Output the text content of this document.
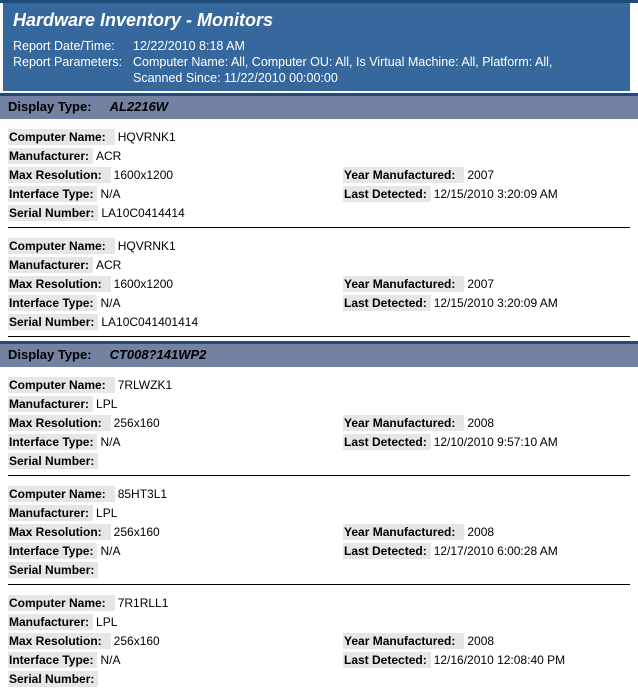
Hardware Inventory - Monitors
Report Date/Time:	12/22/2010 8:18 AM
Report Parameters: Computer Name: All, Computer OU: All, Is Virtual Machine: All, Platform: All,
Scanned Since: 11/22/2010 00:00:00
Display Type: AL2216W
Computer Name: HQVRNK1
Manufacturer: ACR
Max Resolution: 1600x1200	Year Manufactured: 2007
Interface Type: N/A	Last Detected: 12/15/2010 3:20:09 AM
Serial Number: LA10C0414414
Computer Name: HQVRNK1
Manufacturer: ACR
Max Resolution: 1600x1200	Year Manufactured: 2007
Interface Type: N/A	Last Detected: 12/15/2010 3:20:09 AM
Serial Number: LA10C041401414
Display Type: CT008?141WP2
Computer Name: 7RLWZK1
Manufacturer: LPL
Max Resolution: 256x160	Year Manufactured: 2008
Interface Type: N/A	Last Detected: 12/10/2010 9:57:10 AM
Serial Number:
Computer Name: 85HT3L1
Manufacturer: LPL
Max Resolution: 256x160	Year Manufactured: 2008
Interface Type: N/A	Last Detected: 12/17/2010 6:00:28 AM
Serial Number:
Computer Name: 7R1RLL1
Manufacturer: LPL
Max Resolution: 256x160	Year Manufactured: 2008
Interface Type: N/A	Last Detected: 12/16/2010 12:08:40 PM
Serial Number:
